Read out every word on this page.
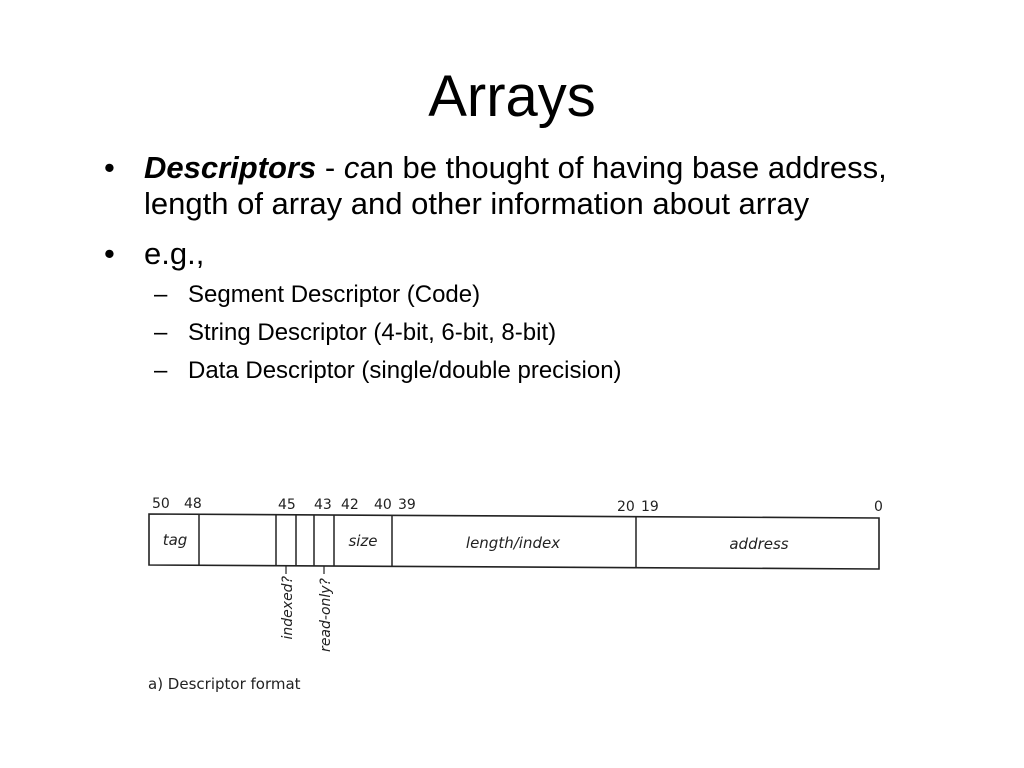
Arrays
• Descriptors - can be thought of having base address, length of array and other information about array
• e.g.,
– Segment Descriptor (Code)
– String Descriptor (4-bit, 6-bit, 8-bit)
– Data Descriptor (single/double precision)
50 48	45 43 42 40 39	20 19	0
tag	size	length/index	address
indexed? read-only?
a) Descriptor format
